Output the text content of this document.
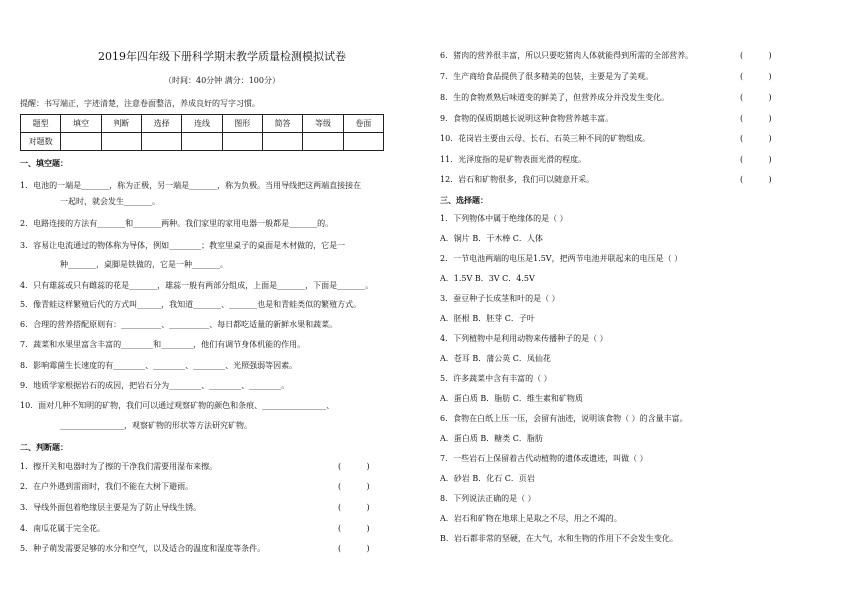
2019年四年级下册科学期末教学质量检测模拟试卷
（时间：40分钟 满分：100分）
提醒：书写端正，字迹清楚，注意卷面整洁，养成良好的写字习惯。
一、填空题：
1．电池的一端是_______，称为正极，另一端是_______，称为负极。当用导线把这两端直接接在
一起时，就会发生_______。
2．电路连接的方法有_______和_______两种。我们家里的家用电器一般都是_______的。
3．容易让电流通过的物体称为导体，例如________；教室里桌子的桌面是木材做的，它是一
种_______，桌脚是铁做的，它是一种_______。
4．只有雄蕊或只有雌蕊的花是_______，雄蕊一般有两部分组成，上面是_______，下面是_______。
5．像青蛙这样繁殖后代的方式叫______，我知道_______、_______也是和青蛙类似的繁殖方式。
6．合理的营养搭配原则有：__________、__________、每日都吃适量的新鲜水果和蔬菜。
7．蔬菜和水果里富含丰富的________和________，他们有调节身体机能的作用。
8．影响霉菌生长速度的有________、________、________、光照强弱等因素。
9．地质学家根据岩石的成因，把岩石分为________、________、________。
10．面对几种不知明的矿物，我们可以通过观察矿物的颜色和条痕、________________、
________________，观察矿物的形状等方法研究矿物。
二、判断题：
1．擦开关和电器时为了擦的干净我们需要用湿布来擦。	(          )
2．在户外遇到雷雨时，我们不能在大树下避雨。	(          )
3．导线外面包着绝缘层主要是为了防止导线生锈。	(          )
4．南瓜花属于完全花。	(          )
5．种子萌发需要足够的水分和空气，以及适合的温度和湿度等条件。	(          )
题型	填空	判断	选择	连线	图形	简答	等级	卷面
对题数								
6．猪肉的营养很丰富，所以只要吃猪肉人体就能得到所需的全部营养。	(          )
7．生产商给食品提供了很多精美的包装，主要是为了美观。	(          )
8．生的食物煮熟后味道变的鲜美了，但营养成分并没发生变化。	(          )
9．食物的保质期越长说明这种食物营养越丰富。	(          )
10．花岗岩主要由云母、长石、石英三种不同的矿物组成。	(          )
11．光泽度指的是矿物表面光滑的程度。	(          )
12．岩石和矿物很多，我们可以随意开采。	(          )
三、选择题：
1．下列物体中属于绝缘体的是（ ）
A．铜片 B．干木棒 C．人体
2．一节电池两端的电压是1.5V，把两节电池并联起来的电压是（ ）
A．1.5V B．3V C．4.5V
3．蚕豆种子长成茎和叶的是（ ）
A．胚根 B．胚芽 C．子叶
4．下列植物中是利用动物来传播种子的是（ ）
A．苍耳 B．蒲公英 C．凤仙花
5．许多蔬菜中含有丰富的（ ）
A．蛋白质 B．脂肪 C．维生素和矿物质
6．食物在白纸上压一压，会留有油迹，说明该食物（ ）的含量丰富。
A．蛋白质 B．糖类 C．脂肪
7．一些岩石上保留着古代动植物的遗体或遗迹，叫做（ ）
A．砂岩 B．化石 C．页岩
8．下列说法正确的是（ ）
A．岩石和矿物在地球上是取之不尽，用之不竭的。
B．岩石都非常的坚硬，在大气，水和生物的作用下不会发生变化。
